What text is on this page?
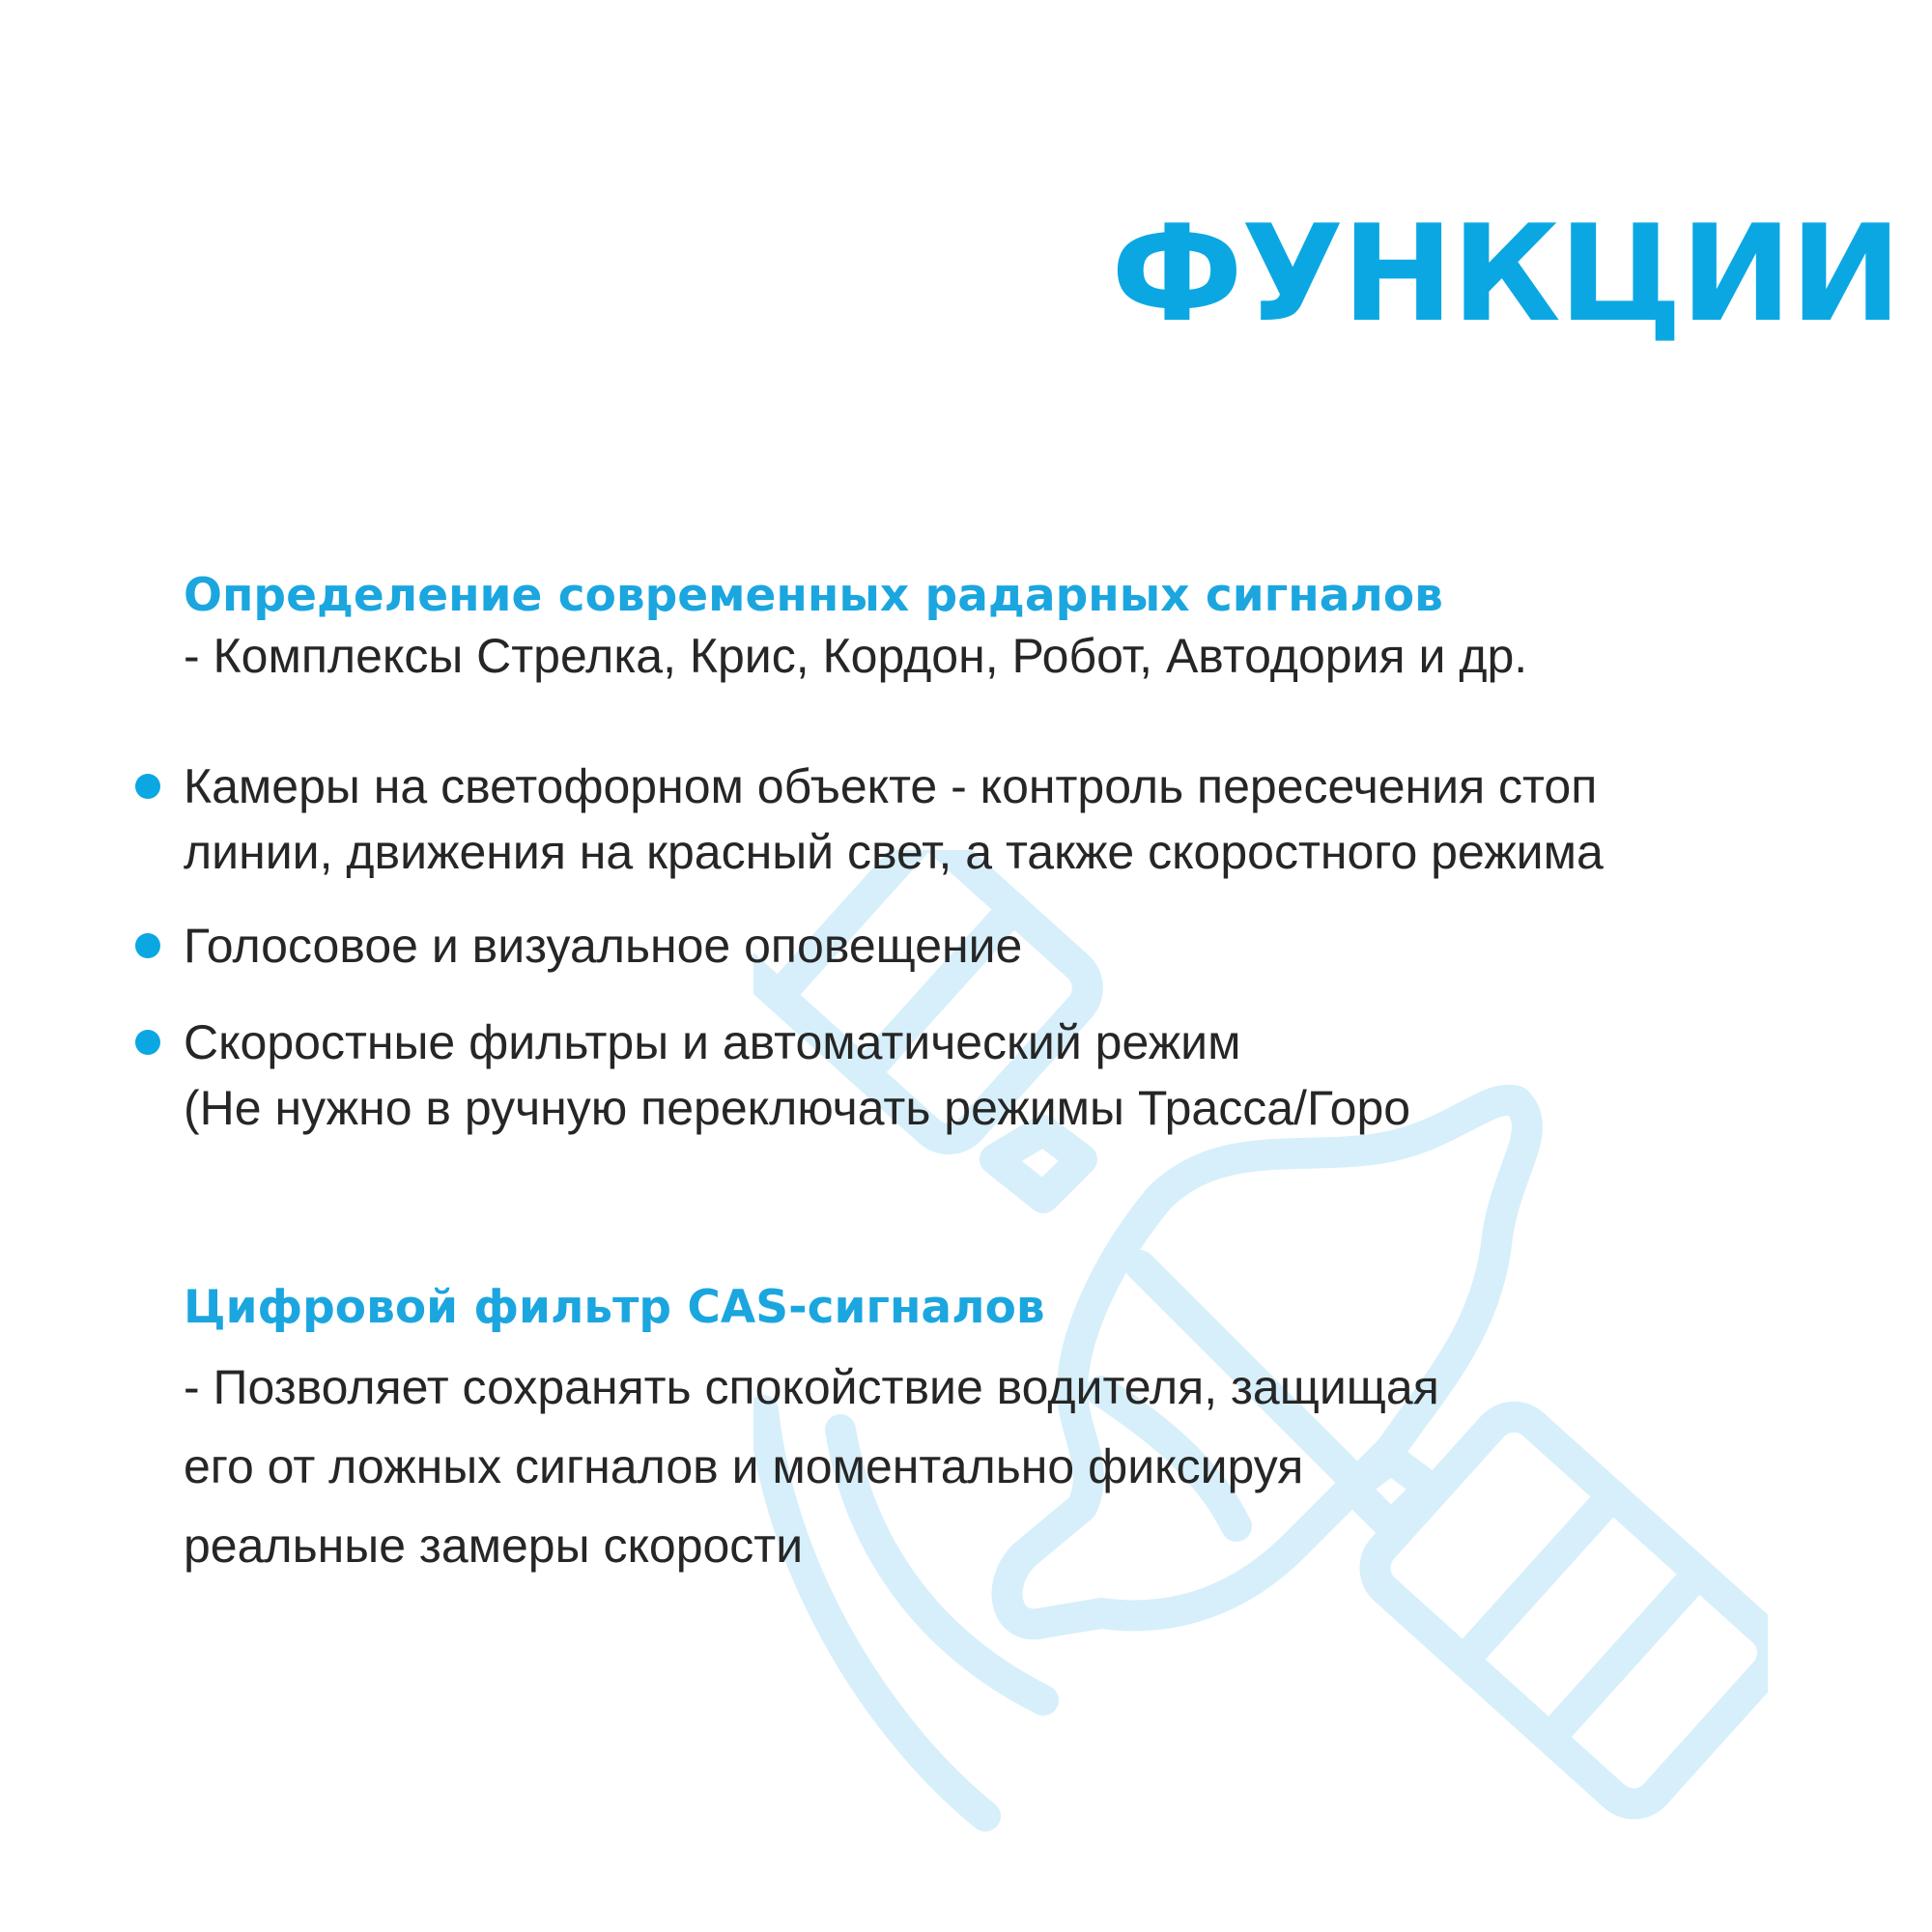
ФУНКЦИИ
Определение современных радарных сигналов
- Комплексы Стрелка, Крис, Кордон, Робот, Автодория и др.
Камеры на светофорном объекте - контроль пересечения стоп
линии, движения на красный свет, а также скоростного режима
Голосовое и визуальное оповещение
Скоростные фильтры и автоматический режим
(Не нужно в ручную переключать режимы Трасса/Горо
Цифровой фильтр CAS-сигналов
- Позволяет сохранять спокойствие водителя, защищая
его от ложных сигналов и моментально фиксируя
реальные замеры скорости
